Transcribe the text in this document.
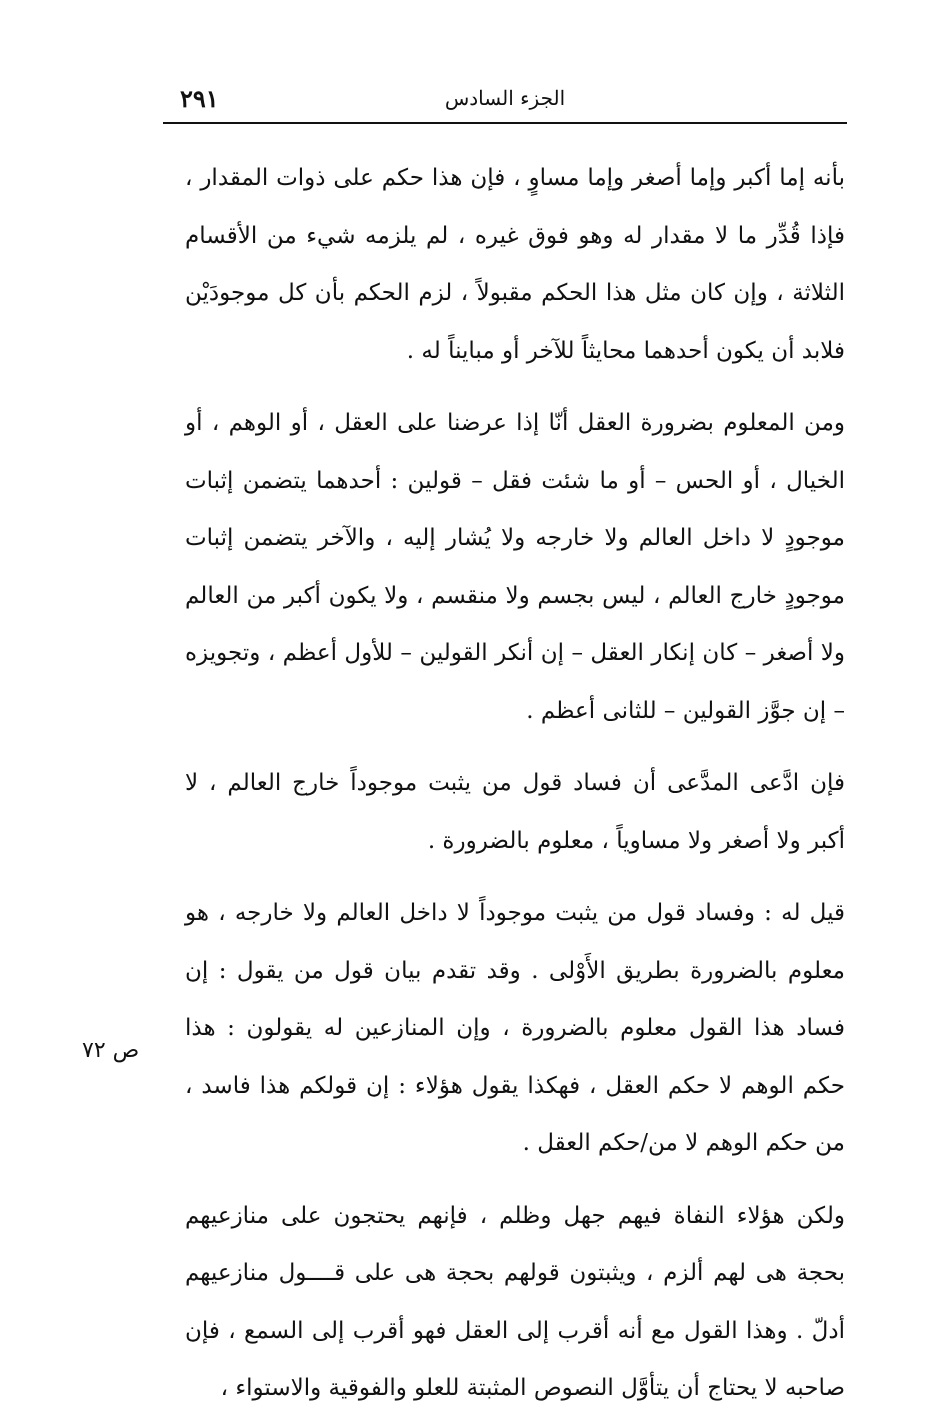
٢٩١	الجزء السادس

بأنه إما أكبر وإما أصغر وإما مساوٍ ، فإن هذا حكم على ذوات المقدار ، فإذا قُدِّر ما لا مقدار له وهو فوق غيره ، لم يلزمه شيء من الأقسام الثلاثة ، وإن كان مثل هذا الحكم مقبولاً ، لزم الحكم بأن كل موجودَيْن فلابد أن يكون أحدهما محايثاً للآخر أو مبايناً له .

ومن المعلوم بضرورة العقل أنّا إذا عرضنا على العقل ، أو الوهم ، أو الخيال ، أو الحس – أو ما شئت فقل – قولين : أحدهما يتضمن إثبات موجودٍ لا داخل العالم ولا خارجه ولا يُشار إليه ، والآخر يتضمن إثبات موجودٍ خارج العالم ، ليس بجسم ولا منقسم ، ولا يكون أكبر من العالم ولا أصغر – كان إنكار العقل – إن أنكر القولين – للأول أعظم ، وتجويزه – إن جوَّز القولين – للثانى أعظم .

فإن ادَّعى المدَّعى أن فساد قول من يثبت موجوداً خارج العالم ، لا أكبر ولا أصغر ولا مساوياً ، معلوم بالضرورة .

قيل له : وفساد قول من يثبت موجوداً لا داخل العالم ولا خارجه ، هو معلوم بالضرورة بطريق الأَوْلى . وقد تقدم بيان قول من يقول : إن فساد هذا القول معلوم بالضرورة ، وإن المنازعين له يقولون : هذا حكم الوهم لا حكم العقل ، فهكذا يقول هؤلاء : إن قولكم هذا فاسد ، من حكم الوهم لا من/حكم العقل .

ولكن هؤلاء النفاة فيهم جهل وظلم ، فإنهم يحتجون على منازعيهم بحجة هى لهم ألزم ، ويثبتون قولهم بحجة هى على قــــول منازعيهم أدلّ . وهذا القول مع أنه أقرب إلى العقل فهو أقرب إلى السمع ، فإن صاحبه لا يحتاج أن يتأوَّل النصوص المثبتة للعلو والفوقية والاستواء ،

ص ٧٢
